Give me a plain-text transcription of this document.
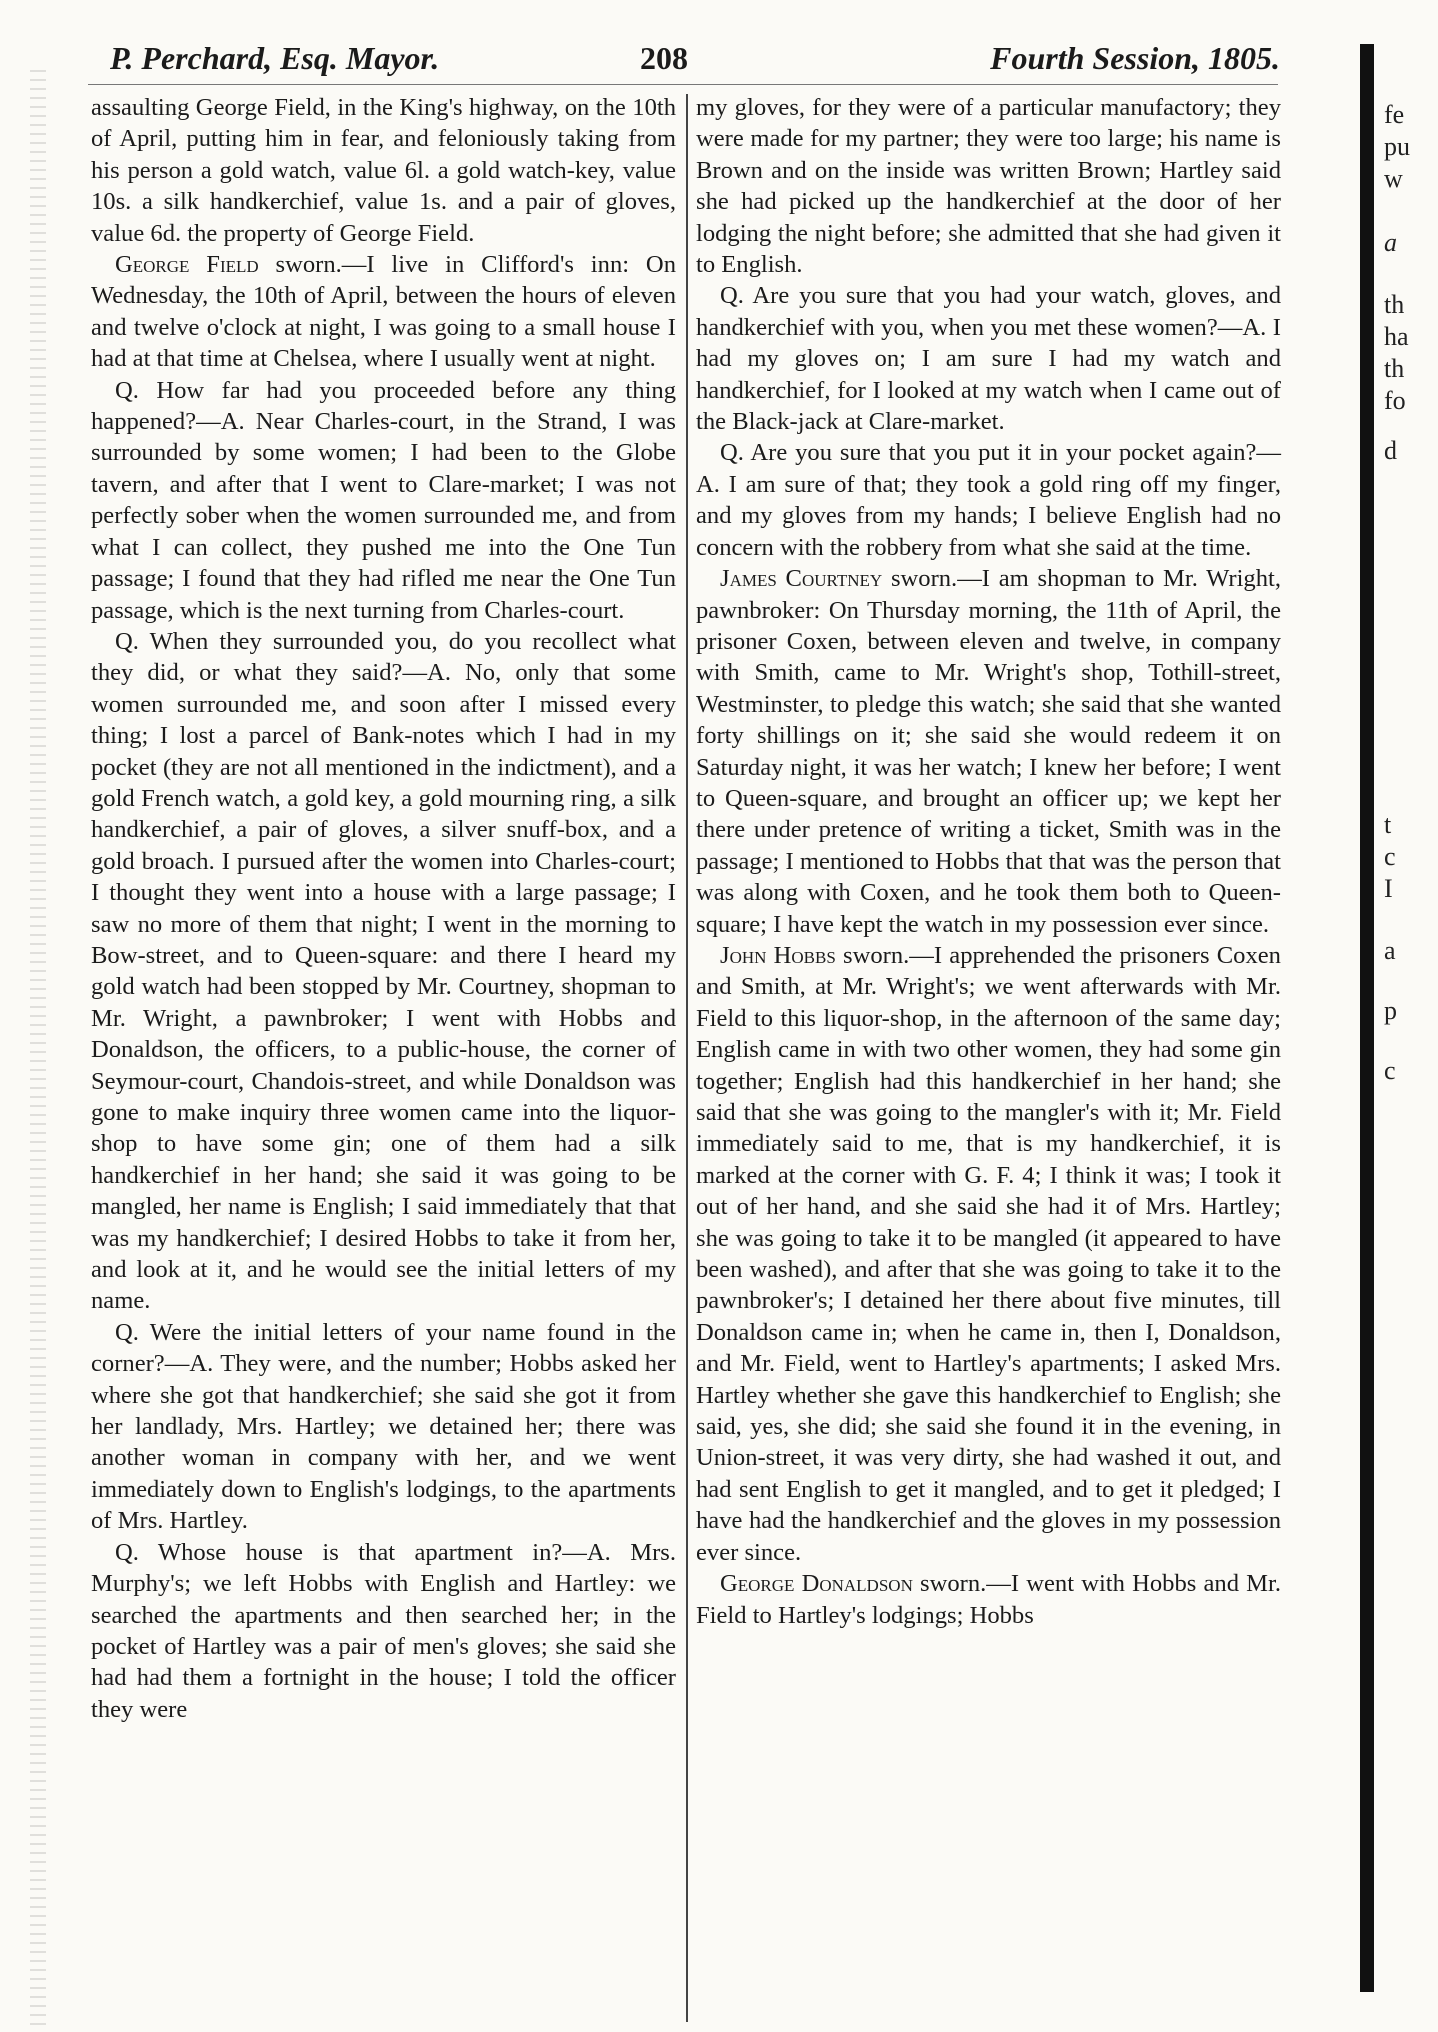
P. Perchard, Esq. Mayor.	208	Fourth Session, 1805.

assaulting George Field, in the King's highway, on the 10th of April, putting him in fear, and feloniously taking from his person a gold watch, value 6l. a gold watch-key, value 10s. a silk handkerchief, value 1s. and a pair of gloves, value 6d. the property of George Field.

George Field sworn.—I live in Clifford's inn: On Wednesday, the 10th of April, between the hours of eleven and twelve o'clock at night, I was going to a small house I had at that time at Chelsea, where I usually went at night.

Q. How far had you proceeded before any thing happened?—A. Near Charles-court, in the Strand, I was surrounded by some women; I had been to the Globe tavern, and after that I went to Clare-market; I was not perfectly sober when the women surrounded me, and from what I can collect, they pushed me into the One Tun passage; I found that they had rifled me near the One Tun passage, which is the next turning from Charles-court.

Q. When they surrounded you, do you recollect what they did, or what they said?—A. No, only that some women surrounded me, and soon after I missed every thing; I lost a parcel of Bank-notes which I had in my pocket (they are not all mentioned in the indictment), and a gold French watch, a gold key, a gold mourning ring, a silk handkerchief, a pair of gloves, a silver snuff-box, and a gold broach. I pursued after the women into Charles-court; I thought they went into a house with a large passage; I saw no more of them that night; I went in the morning to Bow-street, and to Queen-square: and there I heard my gold watch had been stopped by Mr. Courtney, shopman to Mr. Wright, a pawnbroker; I went with Hobbs and Donaldson, the officers, to a public-house, the corner of Seymour-court, Chandois-street, and while Donaldson was gone to make inquiry three women came into the liquor-shop to have some gin; one of them had a silk handkerchief in her hand; she said it was going to be mangled, her name is English; I said immediately that that was my handkerchief; I desired Hobbs to take it from her, and look at it, and he would see the initial letters of my name.

Q. Were the initial letters of your name found in the corner?—A. They were, and the number; Hobbs asked her where she got that handkerchief; she said she got it from her landlady, Mrs. Hartley; we detained her; there was another woman in company with her, and we went immediately down to English's lodgings, to the apartments of Mrs. Hartley.

Q. Whose house is that apartment in?—A. Mrs. Murphy's; we left Hobbs with English and Hartley: we searched the apartments and then searched her; in the pocket of Hartley was a pair of men's gloves; she said she had had them a fortnight in the house; I told the officer they were

my gloves, for they were of a particular manufactory; they were made for my partner; they were too large; his name is Brown and on the inside was written Brown; Hartley said she had picked up the handkerchief at the door of her lodging the night before; she admitted that she had given it to English.

Q. Are you sure that you had your watch, gloves, and handkerchief with you, when you met these women?—A. I had my gloves on; I am sure I had my watch and handkerchief, for I looked at my watch when I came out of the Black-jack at Clare-market.

Q. Are you sure that you put it in your pocket again?—A. I am sure of that; they took a gold ring off my finger, and my gloves from my hands; I believe English had no concern with the robbery from what she said at the time.

James Courtney sworn.—I am shopman to Mr. Wright, pawnbroker: On Thursday morning, the 11th of April, the prisoner Coxen, between eleven and twelve, in company with Smith, came to Mr. Wright's shop, Tothill-street, Westminster, to pledge this watch; she said that she wanted forty shillings on it; she said she would redeem it on Saturday night, it was her watch; I knew her before; I went to Queen-square, and brought an officer up; we kept her there under pretence of writing a ticket, Smith was in the passage; I mentioned to Hobbs that that was the person that was along with Coxen, and he took them both to Queen-square; I have kept the watch in my possession ever since.

John Hobbs sworn.—I apprehended the prisoners Coxen and Smith, at Mr. Wright's; we went afterwards with Mr. Field to this liquor-shop, in the afternoon of the same day; English came in with two other women, they had some gin together; English had this handkerchief in her hand; she said that she was going to the mangler's with it; Mr. Field immediately said to me, that is my handkerchief, it is marked at the corner with G. F. 4; I think it was; I took it out of her hand, and she said she had it of Mrs. Hartley; she was going to take it to be mangled (it appeared to have been washed), and after that she was going to take it to the pawnbroker's; I detained her there about five minutes, till Donaldson came in; when he came in, then I, Donaldson, and Mr. Field, went to Hartley's apartments; I asked Mrs. Hartley whether she gave this handkerchief to English; she said, yes, she did; she said she found it in the evening, in Union-street, it was very dirty, she had washed it out, and had sent English to get it mangled, and to get it pledged; I have had the handkerchief and the gloves in my possession ever since.

George Donaldson sworn.—I went with Hobbs and Mr. Field to Hartley's lodgings; Hobbs

fe
pu
w
a
th
ha
th
fo
d
t
c
I
a
p
c
